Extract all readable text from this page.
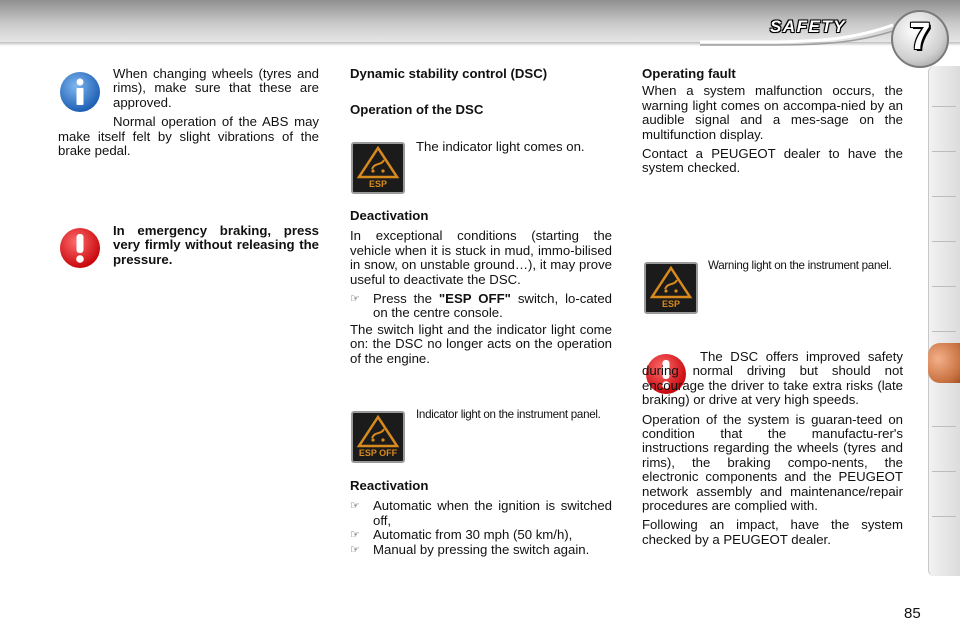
SAFETY	7
When changing wheels (tyres and rims), make sure that these are approved.
Normal operation of the ABS may make itself felt by slight vibrations of the brake pedal.
In emergency braking, press very firmly without releasing the pressure.
Dynamic stability control (DSC)
Operation of the DSC
ESP
The indicator light comes on.
Deactivation
In exceptional conditions (starting the vehicle when it is stuck in mud, immo-bilised in snow, on unstable ground…), it may prove useful to deactivate the DSC.
☞ Press the "ESP OFF" switch, lo-cated on the centre console.
The switch light and the indicator light come on: the DSC no longer acts on the operation of the engine.
ESP OFF
Indicator light on the instrument panel.
Reactivation
☞ Automatic when the ignition is switched off,
☞ Automatic from 30 mph (50 km/h),
☞ Manual by pressing the switch again.
Operating fault
When a system malfunction occurs, the warning light comes on accompa-nied by an audible signal and a mes-sage on the multifunction display.
Contact a PEUGEOT dealer to have the system checked.
ESP
Warning light on the instrument panel.
The DSC offers improved safety during normal driving but should not encourage the driver to take extra risks (late braking) or drive at very high speeds.
Operation of the system is guaran-teed on condition that the manufactu-rer's instructions regarding the wheels (tyres and rims), the braking compo-nents, the electronic components and the PEUGEOT network assembly and maintenance/repair procedures are complied with.
Following an impact, have the system checked by a PEUGEOT dealer.
85
